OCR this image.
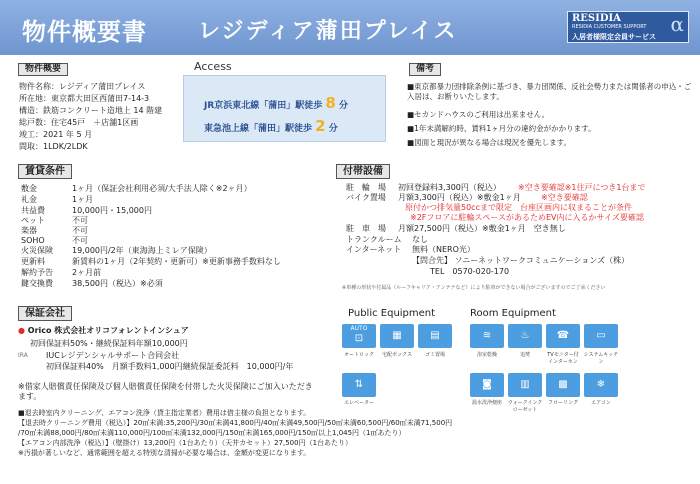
物件概要書 レジディア蒲田プレイス
RESIDIA
RESIDIA CUSTOMER SUPPORT
入居者様限定会員サービス
α
物件概要
物件名称：レジディア蒲田プレイス
所在地：東京都大田区西蒲田7-14-3
構造：鉄筋コンクリート造地上 14 階建
総戸数：住宅45戸　＋店舗1区画
竣工：2021 年 5 月
間取：1LDK/2LDK
Access
JR京浜東北線「蒲田」駅徒歩 8 分
東急池上線「蒲田」駅徒歩 2 分
備考
■東京都暴力団排除条例に基づき、暴力団関係、反社会勢力または関係者の申込・ご入居は、お断りいたします。
■セカンドハウスのご利用は出来ません。
■1年未満解約時、賃料1ヶ月分の違約金がかかります。
■図面と現況が異なる場合は現況を優先します。
賃貸条件
敷金	1ヶ月（保証会社利用必須/大手法人除く※2ヶ月）
礼金	1ヶ月
共益費	10,000円・15,000円
ペット	不可
楽器	不可
SOHO	不可
火災保険 19,000円/2年（東海海上ミレア保険）
更新料	新賃料の1ヶ月（2年契約・更新可）※更新事務手数料なし
解約予告 2ヶ月前
鍵交換費 38,500円（税込）※必須
付帯設備
駐　輪　場 初回登録料3,300円（税込） ※空き要確認※1住戸につき1台まで
バイク置場 月額3,300円（税込）※敷金1ヶ月	※空き要確認
原付かつ排気量50ccまで限定　台座区画内に収まることが条件
※2Fフロアに駐輪スペースがあるためEV内に入るかサイズ要確認
駐　車　場 月額27,500円（税込）※敷金1ヶ月　空き無し
トランクルーム なし
インターネット 無料（NERO光）
【問合先】 ソニーネットワークコミュニケーションズ（株）
TEL　0570-020-170
※車種の形状や付属品（ルーフキャリア・アンテナなど）により駐車ができない場合がございますのでご了承ください
保証会社
● Orico 株式会社オリコフォレントインシュア
初回保証料50%・継続保証料年額10,000円
IRA IUCレジデンシャルサポート合同会社
初回保証料40%　月額手数料1,000円継続保証委託料　10,000円/年
※借家人賠償責任保険及び個人賠償責任保険を付帯した火災保険にご加入いただきます。
Public Equipment
AUTO
⊡
オートロック
▦
宅配ボックス
▤
ゴミ置場
⇅
エレベーター
Room Equipment
≋
浴室乾燥
♨
追焚
☎
TVモニター付インターホン
▭
システムキッチン
◙
温水洗浄便座
▥
ウォークインクローゼット
▩
フローリング
❄
エアコン
■退去時室内クリーニング、エアコン洗浄（貸主指定業者）費用は借主様の負担となります。
【退去時クリーニング費用（税込）】20㎡未満:35,200円/30㎡未満41,800円/40㎡未満49,500円/50㎡未満60,500円/60㎡未満71,500円
/70㎡未満88,000円/80㎡未満110,000円/100㎡未満132,000円/150㎡未満165,000円/150㎡以上1,045円（1㎡あたり）
【エアコン内部洗浄（税込）】（壁掛け）13,200円（1台あたり）（天井カセット）27,500円（1台あたり）
※汚損が著しいなど、通常範囲を超える特別な清掃が必要な場合は、金額が変更になります。
